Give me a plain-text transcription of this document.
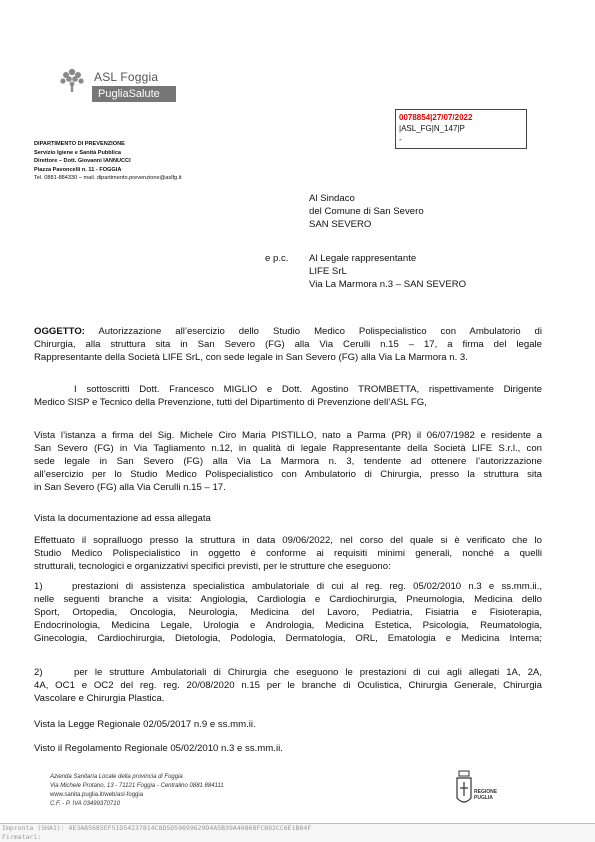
ASL Foggia
PugliaSalute
DIPARTIMENTO DI PREVENZIONE
Servizio Igiene e Sanità Pubblica
Direttore – Dott. Giovanni IANNUCCI
Piazza Pavoncelli n. 11 - FOGGIA
Tel. 0881-884330 – mail. dipartimento.prevenzione@aslfg.it
0078854|27/07/2022
|ASL_FG|N_147|P
-
Al Sindaco
del Comune di San Severo
SAN SEVERO
e p.c. Al Legale rappresentante
LIFE SrL
Via La Marmora n.3 – SAN SEVERO
OGGETTO: Autorizzazione all’esercizio dello Studio Medico Polispecialistico con Ambulatorio di
Chirurgia, alla struttura sita in San Severo (FG) alla Via Cerulli n.15 – 17, a firma del legale
Rappresentante della Società LIFE SrL, con sede legale in San Severo (FG) alla Via La Marmora n. 3.
I sottoscritti Dott. Francesco MIGLIO e Dott. Agostino TROMBETTA, rispettivamente Dirigente
Medico SISP e Tecnico della Prevenzione, tutti del Dipartimento di Prevenzione dell’ASL FG,
Vista l’istanza a firma del Sig. Michele Ciro Maria PISTILLO, nato a Parma (PR) il 06/07/1982 e residente a
San Severo (FG) in Via Tagliamento n.12, in qualità di legale Rappresentante della Società LIFE S.r.l., con
sede legale in San Severo (FG) alla Via La Marmora n. 3, tendente ad ottenere l’autorizzazione
all’esercizio per lo Studio Medico Polispecialistico con Ambulatorio di Chirurgia, presso la struttura sita
in San Severo (FG) alla Via Cerulli n.15 – 17.
Vista la documentazione ad essa allegata
Effettuato il sopralluogo presso la struttura in data 09/06/2022, nel corso del quale si è verificato che lo
Studio Medico Polispecialistico in oggetto è conforme ai requisiti minimi generali, nonché a quelli
strutturali, tecnologici e organizzativi specifici previsti, per le strutture che eseguono:
1)	prestazioni di assistenza specialistica ambulatoriale di cui al reg. reg. 05/02/2010 n.3 e ss.mm.ii.,
nelle seguenti branche a visita: Angiologia, Cardiologia e Cardiochirurgia, Pneumologia, Medicina dello
Sport, Ortopedia, Oncologia, Neurologia, Medicina del Lavoro, Pediatria, Fisiatria e Fisioterapia,
Endocrinologia, Medicina Legale, Urologia e Andrologia, Medicina Estetica, Psicologia, Reumatologia,
Ginecologia, Cardiochirurgia, Dietologia, Podologia, Dermatologia, ORL, Ematologia e Medicina Interna;
2)	per le strutture Ambulatoriali di Chirurgia che eseguono le prestazioni di cui agli allegati 1A, 2A,
4A, OC1 e OC2 del reg. reg. 20/08/2020 n.15 per le branche di Oculistica, Chirurgia Generale, Chirurgia
Vascolare e Chirurgia Plastica.
Vista la Legge Regionale 02/05/2017 n.9 e ss.mm.ii.
Visto il Regolamento Regionale 05/02/2010 n.3 e ss.mm.ii.
Azienda Sanitaria Locale della provincia di Foggia
Via Michele Protano, 13 - 71121 Foggia - Centralino 0881 884111
www.sanita.puglia.it/web/asl-foggia
C.F. - P. IVA 03499370710
REGIONE
PUGLIA
Impronta (SHA1): 4E3AB5685EF51D54237814C8D5D59699629D4A5B39A46868FCB92CC6E1B84F
Firmatari:
